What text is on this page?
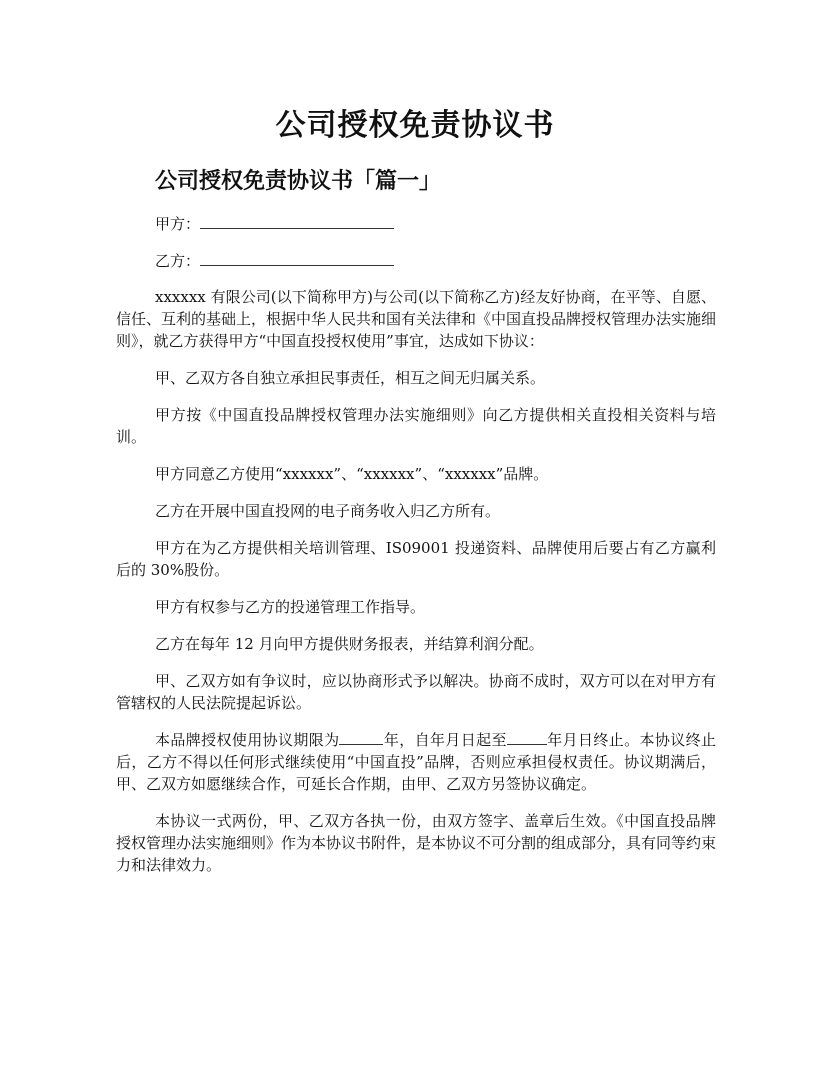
公司授权免责协议书
公司授权免责协议书「篇一」
甲方：
乙方：

xxxxxx 有限公司(以下简称甲方)与公司(以下简称乙方)经友好协商，在平等、自愿、信任、互利的基础上，根据中华人民共和国有关法律和《中国直投品牌授权管理办法实施细则》，就乙方获得甲方“中国直投授权使用”事宜，达成如下协议：

甲、乙双方各自独立承担民事责任，相互之间无归属关系。

甲方按《中国直投品牌授权管理办法实施细则》向乙方提供相关直投相关资料与培训。

甲方同意乙方使用“xxxxxx”、“xxxxxx”、“xxxxxx”品牌。

乙方在开展中国直投网的电子商务收入归乙方所有。

甲方在为乙方提供相关培训管理、IS09001 投递资料、品牌使用后要占有乙方赢利后的 30%股份。

甲方有权参与乙方的投递管理工作指导。

乙方在每年 12 月向甲方提供财务报表，并结算利润分配。

甲、乙双方如有争议时，应以协商形式予以解决。协商不成时，双方可以在对甲方有管辖权的人民法院提起诉讼。

本品牌授权使用协议期限为	年，自年月日起至	年月日终止。本协议终止后，乙方不得以任何形式继续使用“中国直投”品牌，否则应承担侵权责任。协议期满后，甲、乙双方如愿继续合作，可延长合作期，由甲、乙双方另签协议确定。

本协议一式两份，甲、乙双方各执一份，由双方签字、盖章后生效。《中国直投品牌授权管理办法实施细则》作为本协议书附件，是本协议不可分割的组成部分，具有同等约束力和法律效力。
